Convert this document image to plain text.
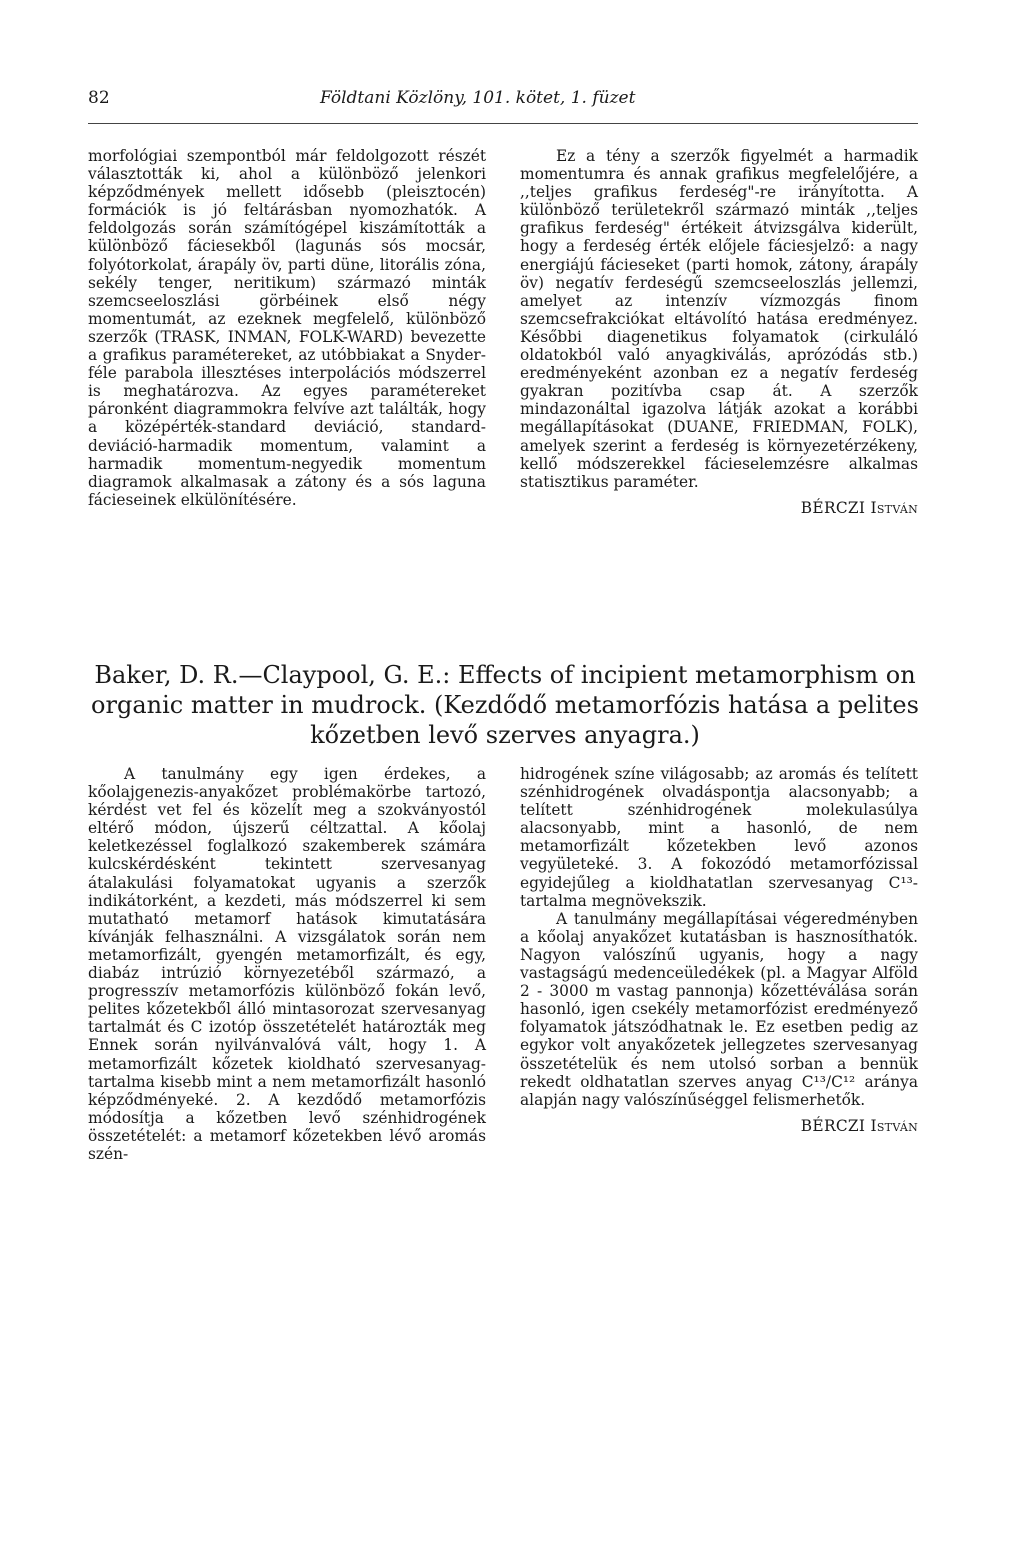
82	Földtani Közlöny, 101. kötet, 1. füzet

morfológiai szempontból már feldolgozott részét választották ki, ahol a különböző jelenkori képződmények mellett idősebb (pleisztocén) formációk is jó feltárásban nyomozhatók. A feldolgozás során számítógépel kiszámították a különböző fáciesekből (lagunás sós mocsár, folyótorkolat, árapály öv, parti düne, litorális zóna, sekély tenger, neritikum) származó minták szemcseeloszlási görbéinek első négy momentumát, az ezeknek megfelelő, különböző szerzők (TRASK, INMAN, FOLK-WARD) bevezette a grafikus paramétereket, az utóbbiakat a Snyder-féle parabola illesztéses interpolációs módszerrel is meghatározva. Az egyes paramétereket páronként diagrammokra felvíve azt találták, hogy a középérték-standard deviáció, standard-deviáció-harmadik momentum, valamint a harmadik momentum-negyedik momentum diagramok alkalmasak a zátony és a sós laguna fácieseinek elkülönítésére.

Ez a tény a szerzők figyelmét a harmadik momentumra és annak grafikus megfelelőjére, a ,,teljes grafikus ferdeség"-re irányította. A különböző területekről származó minták ,,teljes grafikus ferdeség" értékeit átvizsgálva kiderült, hogy a ferdeség érték előjele fáciesjelző: a nagy energiájú fácieseket (parti homok, zátony, árapály öv) negatív ferdeségű szemcseeloszlás jellemzi, amelyet az intenzív vízmozgás finom szemcsefrakciókat eltávolító hatása eredményez. Későbbi diagenetikus folyamatok (cirkuláló oldatokból való anyagkiválás, aprózódás stb.) eredményeként azonban ez a negatív ferdeség gyakran pozitívba csap át. A szerzők mindazonáltal igazolva látják azokat a korábbi megállapításokat (DUANE, FRIEDMAN, FOLK), amelyek szerint a ferdeség is környezetérzékeny, kellő módszerekkel fácieselemzésre alkalmas statisztikus paraméter.

BÉRCZI István
Baker, D. R.—Claypool, G. E.: Effects of incipient metamorphism on organic matter in mudrock. (Kezdődő metamorfózis hatása a pelites kőzetben levő szerves anyagra.)

A tanulmány egy igen érdekes, a kőolajgenezis-anyakőzet problémakörbe tartozó, kérdést vet fel és közelít meg a szokványostól eltérő módon, újszerű céltzattal. A kőolaj keletkezéssel foglalkozó szakemberek számára kulcskérdésként tekintett szervesanyag átalakulási folyamatokat ugyanis a szerzők indikátorként, a kezdeti, más módszerrel ki sem mutatható metamorf hatások kimutatására kívánják felhasználni. A vizsgálatok során nem metamorfizált, gyengén metamorfizált, és egy, diabáz intrúzió környezetéből származó, a progresszív metamorfózis különböző fokán levő, pelites kőzetekből álló mintasorozat szervesanyag tartalmát és C izotóp összetételét határozták meg Ennek során nyilvánvalóvá vált, hogy 1. A metamorfizált kőzetek kioldható szervesanyag-tartalma kisebb mint a nem metamorfizált hasonló képződményeké. 2. A kezdődő metamorfózis módosítja a kőzetben levő szénhidrogének összetételét: a metamorf kőzetekben lévő aromás szén-

hidrogének színe világosabb; az aromás és telített szénhidrogének olvadáspontja alacsonyabb; a telített szénhidrogének molekulasúlya alacsonyabb, mint a hasonló, de nem metamorfizált kőzetekben levő azonos vegyületeké. 3. A fokozódó metamorfózissal egyidejűleg a kioldhatatlan szervesanyag C¹³-tartalma megnövekszik.

A tanulmány megállapításai végeredményben a kőolaj anyakőzet kutatásban is hasznosíthatók. Nagyon valószínű ugyanis, hogy a nagy vastagságú medenceüledékek (pl. a Magyar Alföld 2 - 3000 m vastag pannonja) kőzettéválása során hasonló, igen csekély metamorfózist eredményező folyamatok játszódhatnak le. Ez esetben pedig az egykor volt anyakőzetek jellegzetes szervesanyag összetételük és nem utolsó sorban a bennük rekedt oldhatatlan szerves anyag C¹³/C¹² aránya alapján nagy valószínűséggel felismerhetők.

BÉRCZI István
